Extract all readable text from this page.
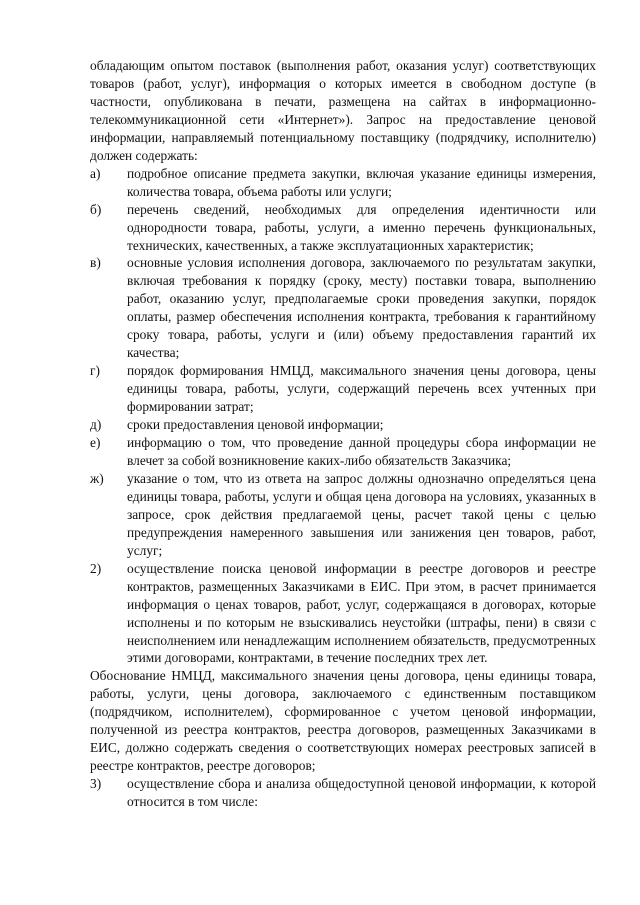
обладающим опытом поставок (выполнения работ, оказания услуг) соответствующих товаров (работ, услуг), информация о которых имеется в свободном доступе (в частности, опубликована в печати, размещена на сайтах в информационно-телекоммуникационной сети «Интернет»). Запрос на предоставление ценовой информации, направляемый потенциальному поставщику (подрядчику, исполнителю) должен содержать:

а)	подробное описание предмета закупки, включая указание единицы измерения, количества товара, объема работы или услуги;
б)	перечень сведений, необходимых для определения идентичности или однородности товара, работы, услуги, а именно перечень функциональных, технических, качественных, а также эксплуатационных характеристик;
в)	основные условия исполнения договора, заключаемого по результатам закупки, включая требования к порядку (сроку, месту) поставки товара, выполнению работ, оказанию услуг, предполагаемые сроки проведения закупки, порядок оплаты, размер обеспечения исполнения контракта, требования к гарантийному сроку товара, работы, услуги и (или) объему предоставления гарантий их качества;
г)	порядок формирования НМЦД, максимального значения цены договора, цены единицы товара, работы, услуги, содержащий перечень всех учтенных при формировании затрат;
д)	сроки предоставления ценовой информации;
е)	информацию о том, что проведение данной процедуры сбора информации не влечет за собой возникновение каких-либо обязательств Заказчика;
ж)	указание о том, что из ответа на запрос должны однозначно определяться цена единицы товара, работы, услуги и общая цена договора на условиях, указанных в запросе, срок действия предлагаемой цены, расчет такой цены с целью предупреждения намеренного завышения или занижения цен товаров, работ, услуг;
2)	осуществление поиска ценовой информации в реестре договоров и реестре контрактов, размещенных Заказчиками в ЕИС. При этом, в расчет принимается информация о ценах товаров, работ, услуг, содержащаяся в договорах, которые исполнены и по которым не взыскивались неустойки (штрафы, пени) в связи с неисполнением или ненадлежащим исполнением обязательств, предусмотренных этими договорами, контрактами, в течение последних трех лет.

Обоснование НМЦД, максимального значения цены договора, цены единицы товара, работы, услуги, цены договора, заключаемого с единственным поставщиком (подрядчиком, исполнителем), сформированное с учетом ценовой информации, полученной из реестра контрактов, реестра договоров, размещенных Заказчиками в ЕИС, должно содержать сведения о соответствующих номерах реестровых записей в реестре контрактов, реестре договоров;

3)	осуществление сбора и анализа общедоступной ценовой информации, к которой относится в том числе:
